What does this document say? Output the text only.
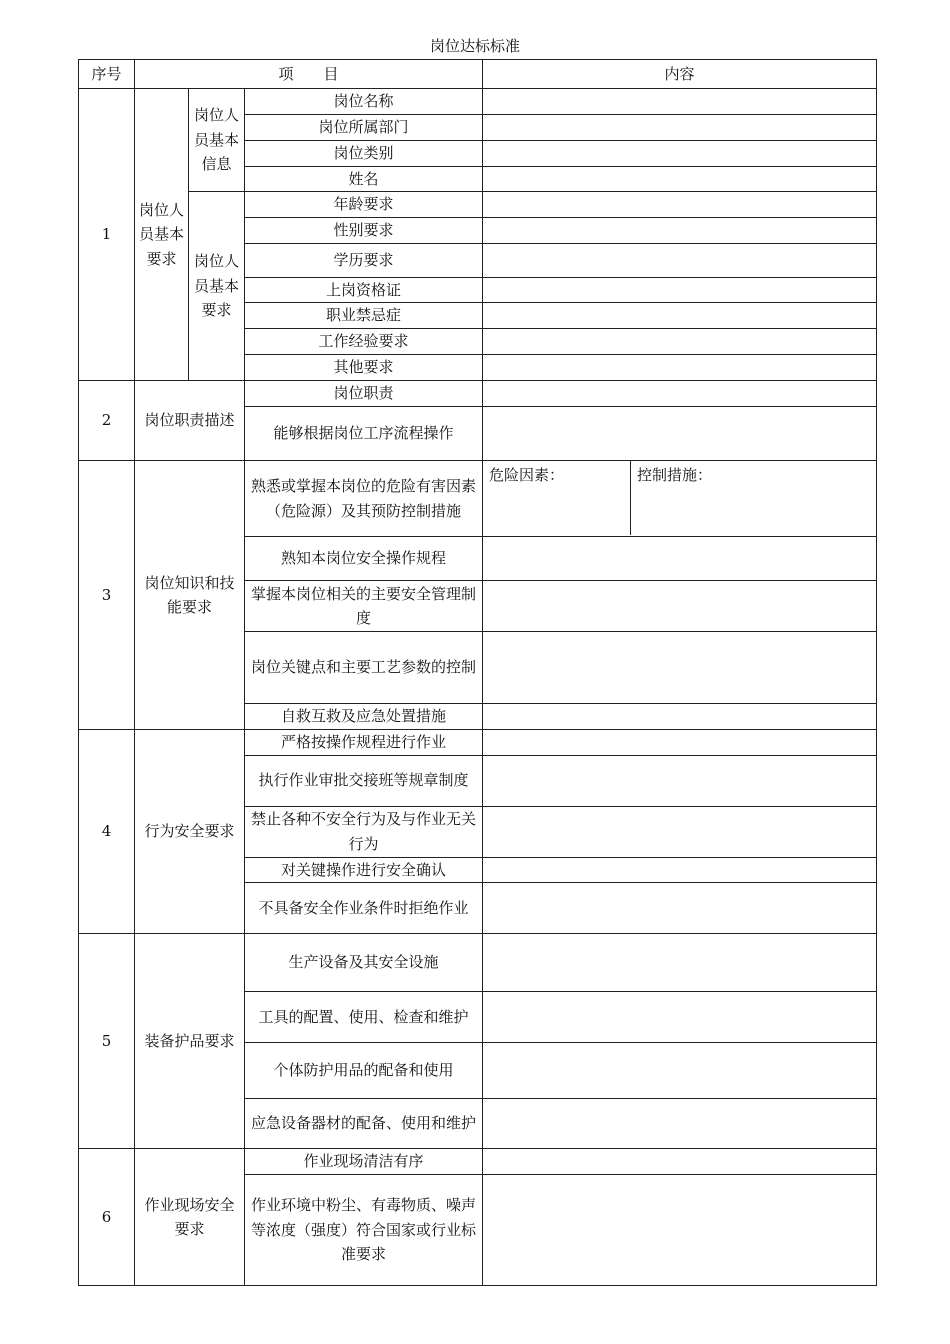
岗位达标标准
序号	项　　目			内容
1	岗位人员基本要求	岗位人员基本信息	岗位名称	
			岗位所属部门	
			岗位类别	
			姓名	
		岗位人员基本要求	年龄要求	
			性别要求	
			学历要求	
			上岗资格证	
			职业禁忌症	
			工作经验要求	
			其他要求	
2	岗位职责描述		岗位职责	
			能够根据岗位工序流程操作	
3	岗位知识和技能要求		熟悉或掌握本岗位的危险有害因素（危险源）及其预防控制措施	危险因素： 控制措施：

			熟知本岗位安全操作规程	
			掌握本岗位相关的主要安全管理制度	
			岗位关键点和主要工艺参数的控制	
			自救互救及应急处置措施	
4	行为安全要求		严格按操作规程进行作业	
			执行作业审批交接班等规章制度	
			禁止各种不安全行为及与作业无关行为	
			对关键操作进行安全确认	
			不具备安全作业条件时拒绝作业	
5	装备护品要求		生产设备及其安全设施	
			工具的配置、使用、检查和维护	
			个体防护用品的配备和使用	
			应急设备器材的配备、使用和维护	
6	作业现场安全要求		作业现场清洁有序	
			作业环境中粉尘、有毒物质、噪声等浓度（强度）符合国家或行业标准要求	
